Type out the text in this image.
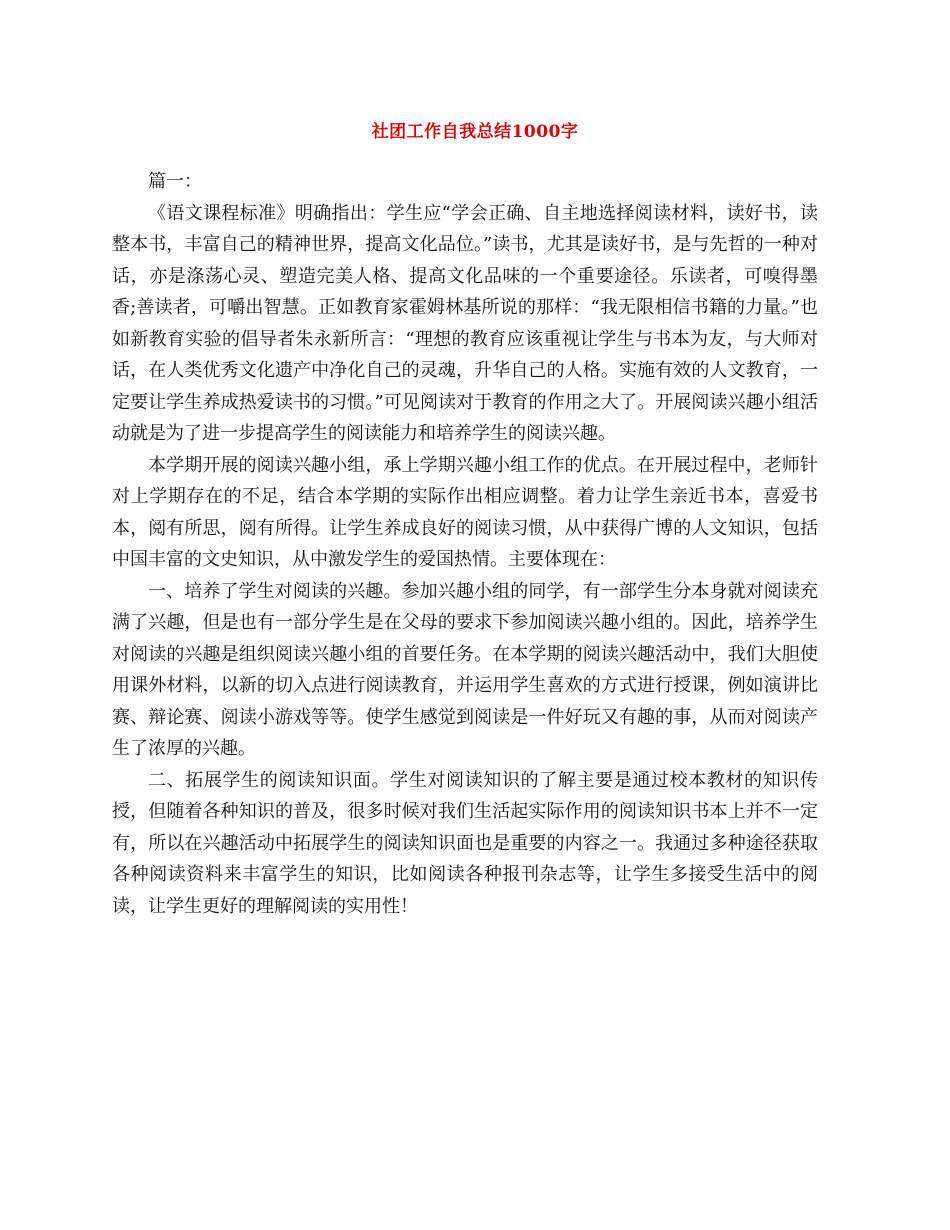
社团工作自我总结1000字

篇一：

《语文课程标准》明确指出：学生应“学会正确、自主地选择阅读材料，读好书，读整本书，丰富自己的精神世界，提高文化品位。”读书，尤其是读好书，是与先哲的一种对话，亦是涤荡心灵、塑造完美人格、提高文化品味的一个重要途径。乐读者，可嗅得墨香;善读者，可嚼出智慧。正如教育家霍姆林基所说的那样：“我无限相信书籍的力量。”也如新教育实验的倡导者朱永新所言：“理想的教育应该重视让学生与书本为友，与大师对话，在人类优秀文化遗产中净化自己的灵魂，升华自己的人格。实施有效的人文教育，一定要让学生养成热爱读书的习惯。”可见阅读对于教育的作用之大了。开展阅读兴趣小组活动就是为了进一步提高学生的阅读能力和培养学生的阅读兴趣。

本学期开展的阅读兴趣小组，承上学期兴趣小组工作的优点。在开展过程中，老师针对上学期存在的不足，结合本学期的实际作出相应调整。着力让学生亲近书本，喜爱书本，阅有所思，阅有所得。让学生养成良好的阅读习惯，从中获得广博的人文知识，包括中国丰富的文史知识，从中激发学生的爱国热情。主要体现在：

一、培养了学生对阅读的兴趣。参加兴趣小组的同学，有一部学生分本身就对阅读充满了兴趣，但是也有一部分学生是在父母的要求下参加阅读兴趣小组的。因此，培养学生对阅读的兴趣是组织阅读兴趣小组的首要任务。在本学期的阅读兴趣活动中，我们大胆使用课外材料，以新的切入点进行阅读教育，并运用学生喜欢的方式进行授课，例如演讲比赛、辩论赛、阅读小游戏等等。使学生感觉到阅读是一件好玩又有趣的事，从而对阅读产生了浓厚的兴趣。

二、拓展学生的阅读知识面。学生对阅读知识的了解主要是通过校本教材的知识传授，但随着各种知识的普及，很多时候对我们生活起实际作用的阅读知识书本上并不一定有，所以在兴趣活动中拓展学生的阅读知识面也是重要的内容之一。我通过多种途径获取各种阅读资料来丰富学生的知识，比如阅读各种报刊杂志等，让学生多接受生活中的阅读，让学生更好的理解阅读的实用性！
